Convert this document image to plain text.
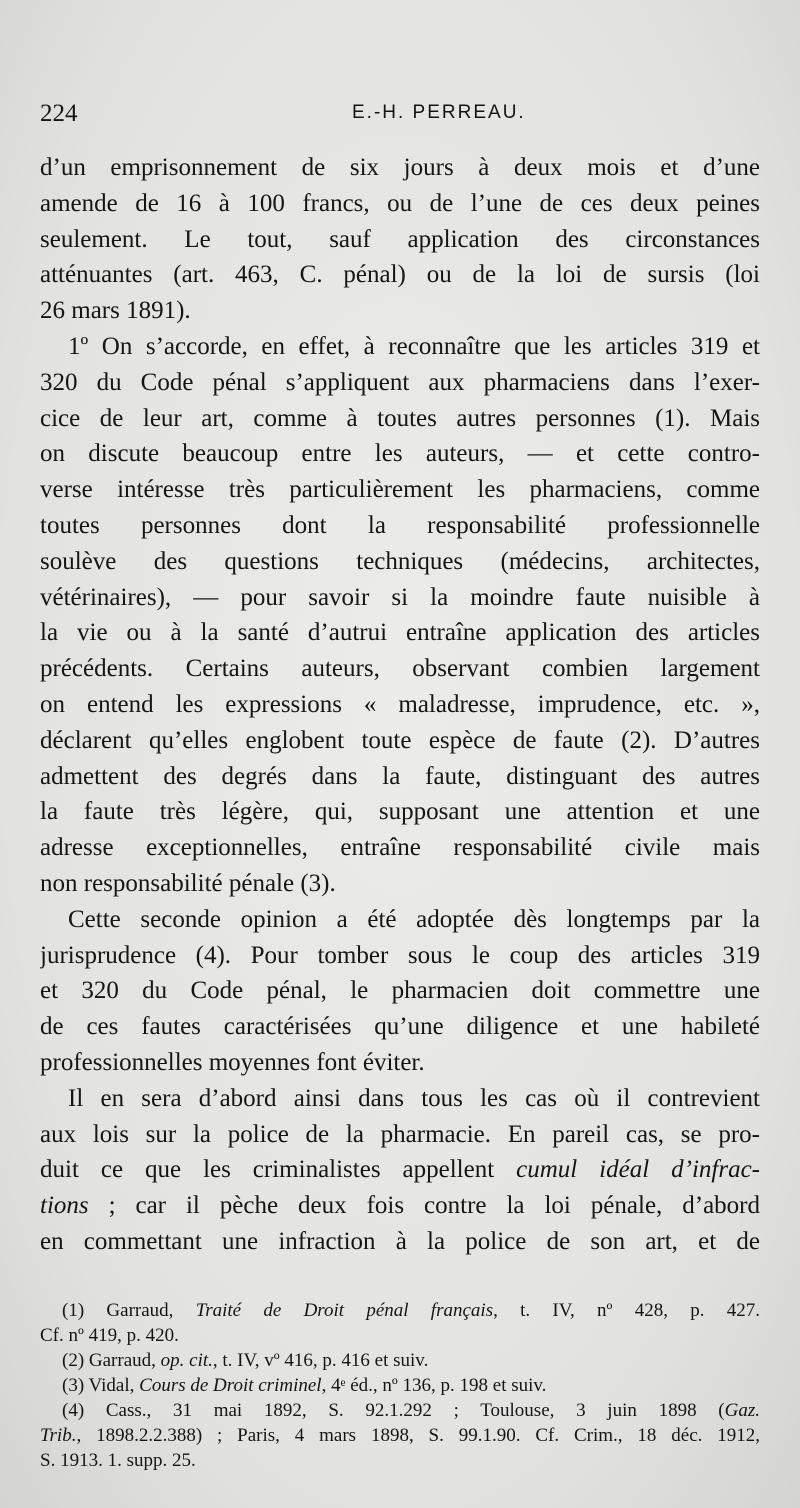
224	E.-H. PERREAU.
d’un emprisonnement de six jours à deux mois et d’une
amende de 16 à 100 francs, ou de l’une de ces deux peines
seulement. Le tout, sauf application des circonstances
atténuantes (art. 463, C. pénal) ou de la loi de sursis (loi
26 mars 1891).
1º On s’accorde, en effet, à reconnaître que les articles 319 et
320 du Code pénal s’appliquent aux pharmaciens dans l’exer-
cice de leur art, comme à toutes autres personnes (1). Mais
on discute beaucoup entre les auteurs, — et cette contro-
verse intéresse très particulièrement les pharmaciens, comme
toutes personnes dont la responsabilité professionnelle
soulève des questions techniques (médecins, architectes,
vétérinaires), — pour savoir si la moindre faute nuisible à
la vie ou à la santé d’autrui entraîne application des articles
précédents. Certains auteurs, observant combien largement
on entend les expressions « maladresse, imprudence, etc. »,
déclarent qu’elles englobent toute espèce de faute (2). D’autres
admettent des degrés dans la faute, distinguant des autres
la faute très légère, qui, supposant une attention et une
adresse exceptionnelles, entraîne responsabilité civile mais
non responsabilité pénale (3).
Cette seconde opinion a été adoptée dès longtemps par la
jurisprudence (4). Pour tomber sous le coup des articles 319
et 320 du Code pénal, le pharmacien doit commettre une
de ces fautes caractérisées qu’une diligence et une habileté
professionnelles moyennes font éviter.
Il en sera d’abord ainsi dans tous les cas où il contrevient
aux lois sur la police de la pharmacie. En pareil cas, se pro-
duit ce que les criminalistes appellent cumul idéal d’infrac-
tions ; car il pèche deux fois contre la loi pénale, d’abord
en commettant une infraction à la police de son art, et de
(1) Garraud, Traité de Droit pénal français, t. IV, nº 428, p. 427.
Cf. nº 419, p. 420.
(2) Garraud, op. cit., t. IV, vº 416, p. 416 et suiv.
(3) Vidal, Cours de Droit criminel, 4ᵉ éd., nº 136, p. 198 et suiv.
(4) Cass., 31 mai 1892, S. 92.1.292 ; Toulouse, 3 juin 1898 (Gaz.
Trib., 1898.2.2.388) ; Paris, 4 mars 1898, S. 99.1.90. Cf. Crim., 18 déc. 1912,
S. 1913. 1. supp. 25.
